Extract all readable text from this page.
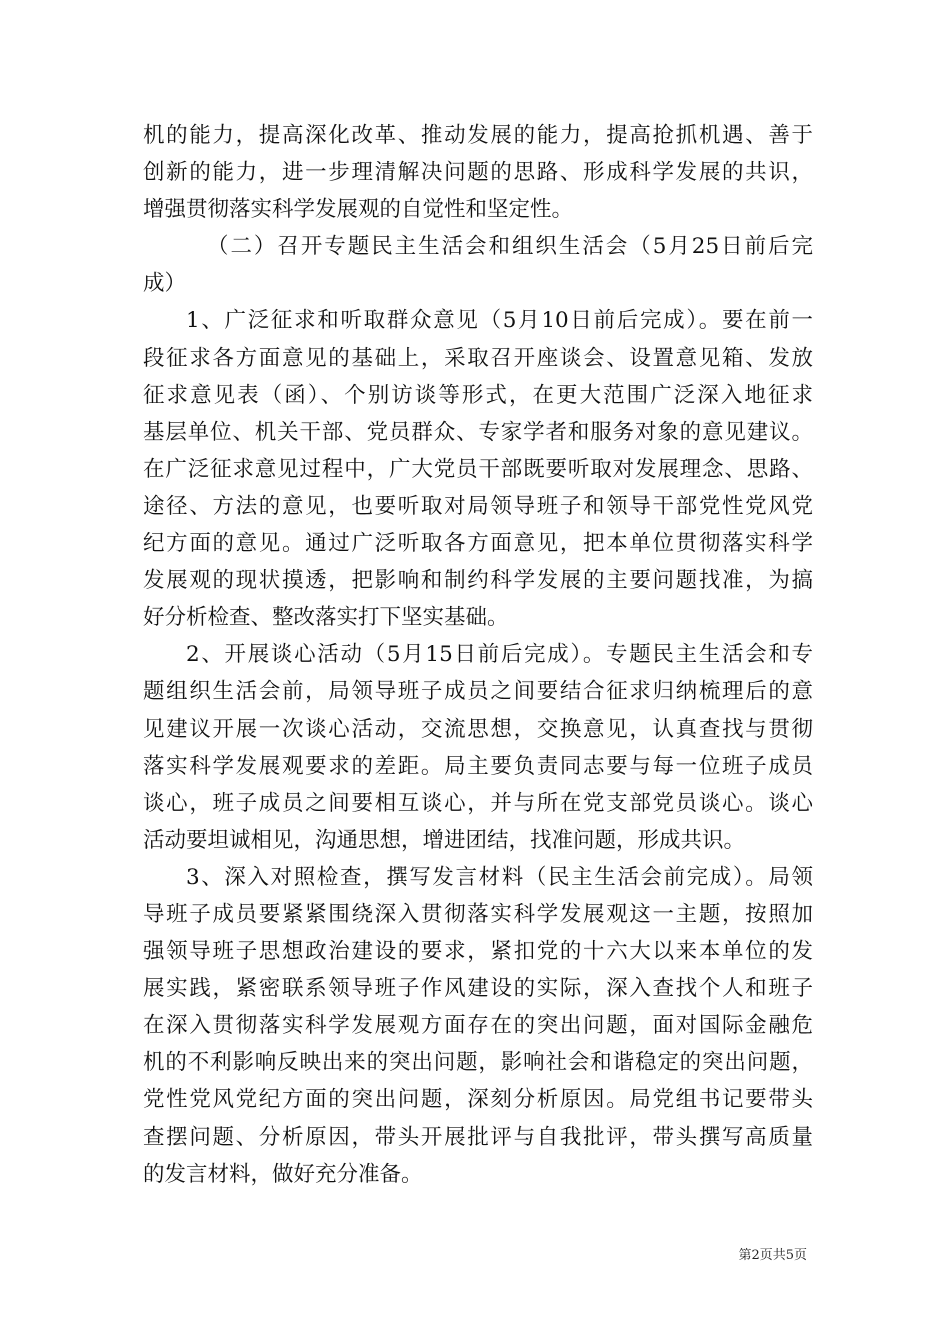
机的能力，提高深化改革、推动发展的能力，提高抢抓机遇、善于
创新的能力，进一步理清解决问题的思路、形成科学发展的共识，
增强贯彻落实科学发展观的自觉性和坚定性。
（二）召开专题民主生活会和组织生活会（5月25日前后完
成）
1、广泛征求和听取群众意见（5月10日前后完成）。要在前一
段征求各方面意见的基础上，采取召开座谈会、设置意见箱、发放
征求意见表（函）、个别访谈等形式，在更大范围广泛深入地征求
基层单位、机关干部、党员群众、专家学者和服务对象的意见建议。
在广泛征求意见过程中，广大党员干部既要听取对发展理念、思路、
途径、方法的意见，也要听取对局领导班子和领导干部党性党风党
纪方面的意见。通过广泛听取各方面意见，把本单位贯彻落实科学
发展观的现状摸透，把影响和制约科学发展的主要问题找准，为搞
好分析检查、整改落实打下坚实基础。
2、开展谈心活动（5月15日前后完成）。专题民主生活会和专
题组织生活会前，局领导班子成员之间要结合征求归纳梳理后的意
见建议开展一次谈心活动，交流思想，交换意见，认真查找与贯彻
落实科学发展观要求的差距。局主要负责同志要与每一位班子成员
谈心，班子成员之间要相互谈心，并与所在党支部党员谈心。谈心
活动要坦诚相见，沟通思想，增进团结，找准问题，形成共识。
3、深入对照检查，撰写发言材料（民主生活会前完成）。局领
导班子成员要紧紧围绕深入贯彻落实科学发展观这一主题，按照加
强领导班子思想政治建设的要求，紧扣党的十六大以来本单位的发
展实践，紧密联系领导班子作风建设的实际，深入查找个人和班子
在深入贯彻落实科学发展观方面存在的突出问题，面对国际金融危
机的不利影响反映出来的突出问题，影响社会和谐稳定的突出问题，
党性党风党纪方面的突出问题，深刻分析原因。局党组书记要带头
查摆问题、分析原因，带头开展批评与自我批评，带头撰写高质量
的发言材料，做好充分准备。
第2页共5页
